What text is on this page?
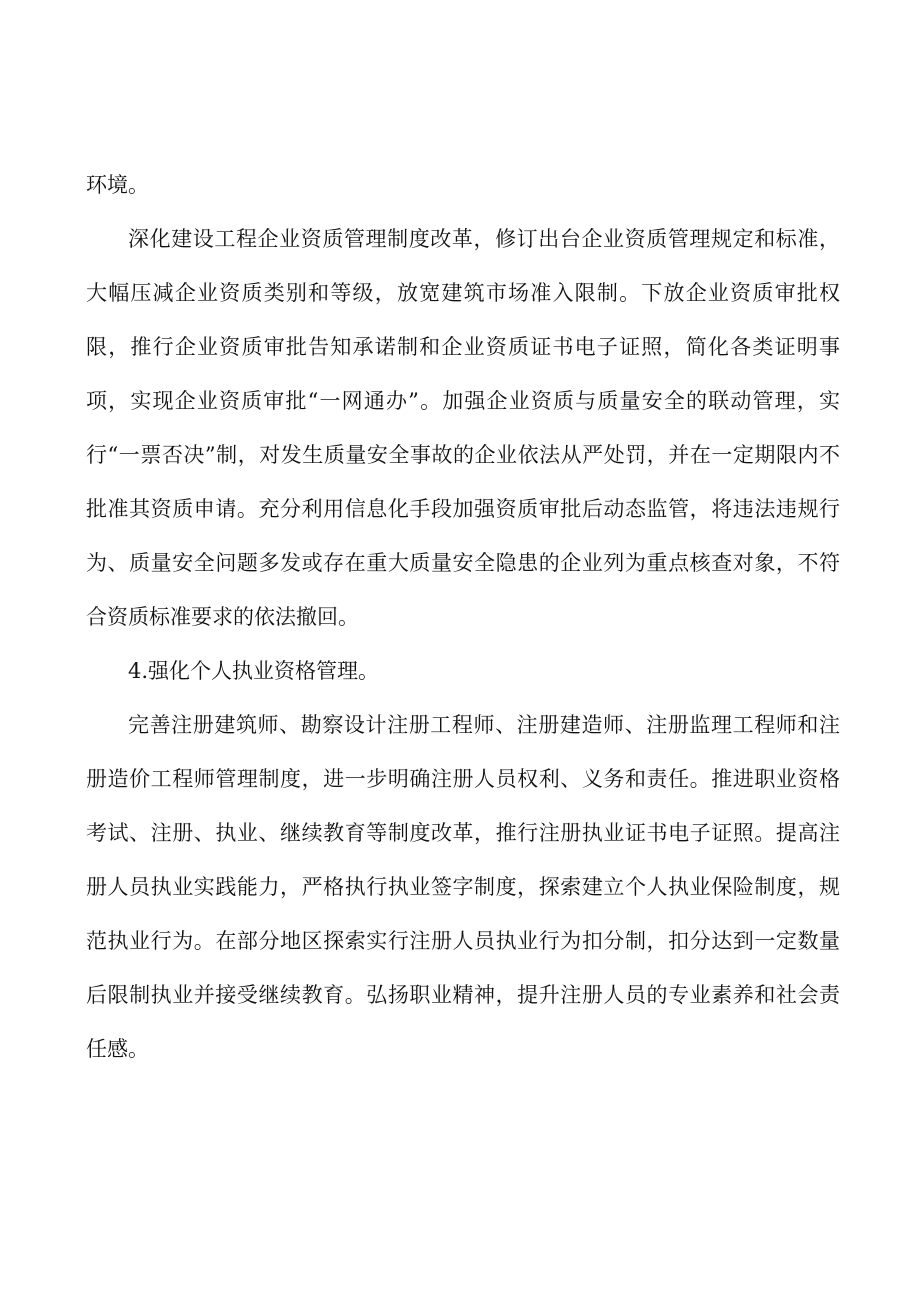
环境。

深化建设工程企业资质管理制度改革，修订出台企业资质管理规定和标准，大幅压减企业资质类别和等级，放宽建筑市场准入限制。下放企业资质审批权限，推行企业资质审批告知承诺制和企业资质证书电子证照，简化各类证明事项，实现企业资质审批“一网通办”。加强企业资质与质量安全的联动管理，实行“一票否决”制，对发生质量安全事故的企业依法从严处罚，并在一定期限内不批准其资质申请。充分利用信息化手段加强资质审批后动态监管，将违法违规行为、质量安全问题多发或存在重大质量安全隐患的企业列为重点核查对象，不符合资质标准要求的依法撤回。

4.强化个人执业资格管理。

完善注册建筑师、勘察设计注册工程师、注册建造师、注册监理工程师和注册造价工程师管理制度，进一步明确注册人员权利、义务和责任。推进职业资格考试、注册、执业、继续教育等制度改革，推行注册执业证书电子证照。提高注册人员执业实践能力，严格执行执业签字制度，探索建立个人执业保险制度，规范执业行为。在部分地区探索实行注册人员执业行为扣分制，扣分达到一定数量后限制执业并接受继续教育。弘扬职业精神，提升注册人员的专业素养和社会责任感。
